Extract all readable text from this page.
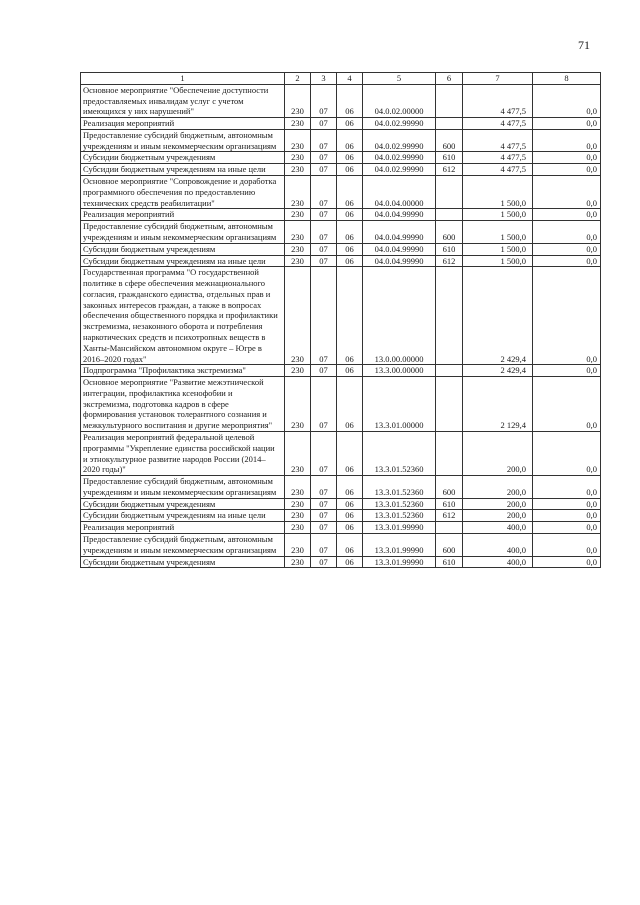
71
1	2	3	4	5	6	7	8
Основное мероприятие "Обеспечение доступности предоставляемых инвалидам услуг с учетом имеющихся у них нарушений"	230	07	06	04.0.02.00000		4 477,5	0,0
Реализация мероприятий	230	07	06	04.0.02.99990		4 477,5	0,0
Предоставление субсидий бюджетным, автономным учреждениям и иным некоммерческим организациям	230	07	06	04.0.02.99990	600	4 477,5	0,0
Субсидии бюджетным учреждениям	230	07	06	04.0.02.99990	610	4 477,5	0,0
Субсидии бюджетным учреждениям на иные цели	230	07	06	04.0.02.99990	612	4 477,5	0,0
Основное мероприятие "Сопровождение и доработка программного обеспечения по предоставлению технических средств реабилитации"	230	07	06	04.0.04.00000		1 500,0	0,0
Реализация мероприятий	230	07	06	04.0.04.99990		1 500,0	0,0
Предоставление субсидий бюджетным, автономным учреждениям и иным некоммерческим организациям	230	07	06	04.0.04.99990	600	1 500,0	0,0
Субсидии бюджетным учреждениям	230	07	06	04.0.04.99990	610	1 500,0	0,0
Субсидии бюджетным учреждениям на иные цели	230	07	06	04.0.04.99990	612	1 500,0	0,0
Государственная программа "О государственной политике в сфере обеспечения межнационального согласия, гражданского единства, отдельных прав и законных интересов граждан, а также в вопросах обеспечения общественного порядка и профилактики экстремизма, незаконного оборота и потребления наркотических средств и психотропных веществ в Ханты-Мансийском автономном округе – Югре в 2016–2020 годах"	230	07	06	13.0.00.00000		2 429,4	0,0
Подпрограмма "Профилактика экстремизма"	230	07	06	13.3.00.00000		2 429,4	0,0
Основное мероприятие "Развитие межэтнической интеграции, профилактика ксенофобии и экстремизма, подготовка кадров в сфере формирования установок толерантного сознания и межкультурного воспитания и другие мероприятия"	230	07	06	13.3.01.00000		2 129,4	0,0
Реализация мероприятий федеральной целевой программы "Укрепление единства российской нации и этнокультурное развитие народов России (2014–2020 годы)"	230	07	06	13.3.01.52360		200,0	0,0
Предоставление субсидий бюджетным, автономным учреждениям и иным некоммерческим организациям	230	07	06	13.3.01.52360	600	200,0	0,0
Субсидии бюджетным учреждениям	230	07	06	13.3.01.52360	610	200,0	0,0
Субсидии бюджетным учреждениям на иные цели	230	07	06	13.3.01.52360	612	200,0	0,0
Реализация мероприятий	230	07	06	13.3.01.99990		400,0	0,0
Предоставление субсидий бюджетным, автономным учреждениям и иным некоммерческим организациям	230	07	06	13.3.01.99990	600	400,0	0,0
Субсидии бюджетным учреждениям	230	07	06	13.3.01.99990	610	400,0	0,0
